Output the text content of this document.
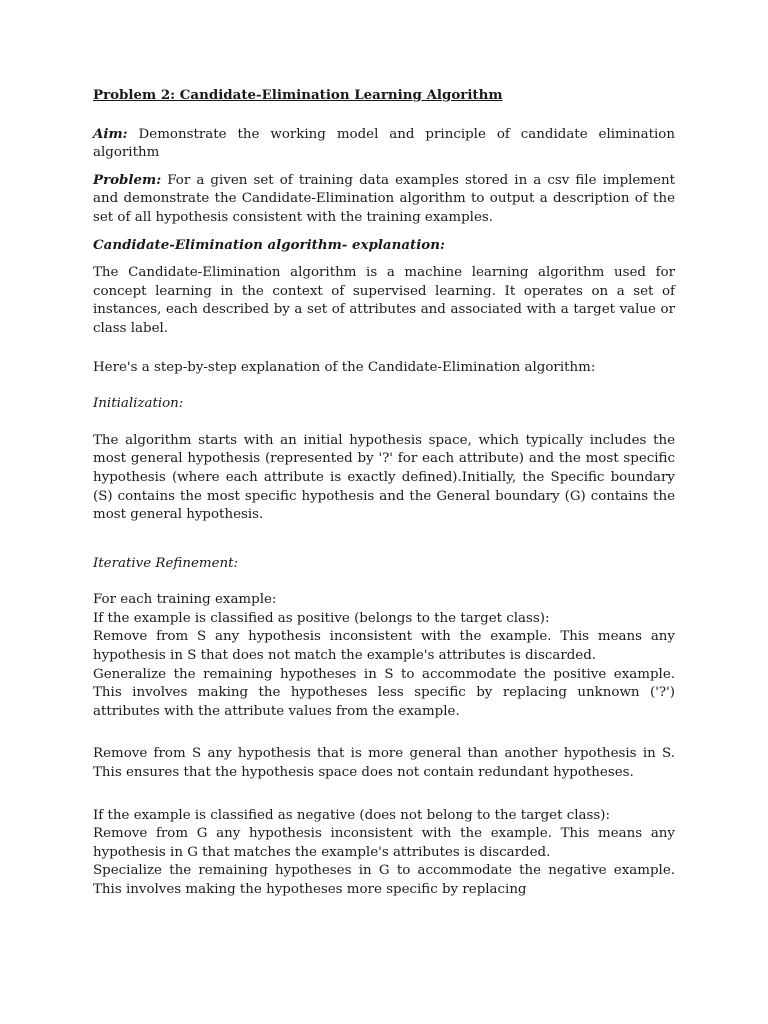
Problem 2: Candidate-Elimination Learning Algorithm

Aim: Demonstrate the working model and principle of candidate elimination algorithm

Problem: For a given set of training data examples stored in a csv file implement and demonstrate the Candidate-Elimination algorithm to output a description of the set of all hypothesis consistent with the training examples.

Candidate-Elimination algorithm- explanation:

The Candidate-Elimination algorithm is a machine learning algorithm used for concept learning in the context of supervised learning. It operates on a set of instances, each described by a set of attributes and associated with a target value or class label.

Here's a step-by-step explanation of the Candidate-Elimination algorithm:

Initialization:

The algorithm starts with an initial hypothesis space, which typically includes the most general hypothesis (represented by '?' for each attribute) and the most specific hypothesis (where each attribute is exactly defined).Initially, the Specific boundary (S) contains the most specific hypothesis and the General boundary (G) contains the most general hypothesis.

Iterative Refinement:

For each training example:

If the example is classified as positive (belongs to the target class):

Remove from S any hypothesis inconsistent with the example. This means any hypothesis in S that does not match the example's attributes is discarded.

Generalize the remaining hypotheses in S to accommodate the positive example. This involves making the hypotheses less specific by replacing unknown ('?') attributes with the attribute values from the example.

Remove from S any hypothesis that is more general than another hypothesis in S. This ensures that the hypothesis space does not contain redundant hypotheses.

If the example is classified as negative (does not belong to the target class):

Remove from G any hypothesis inconsistent with the example. This means any hypothesis in G that matches the example's attributes is discarded.

Specialize the remaining hypotheses in G to accommodate the negative example. This involves making the hypotheses more specific by replacing
